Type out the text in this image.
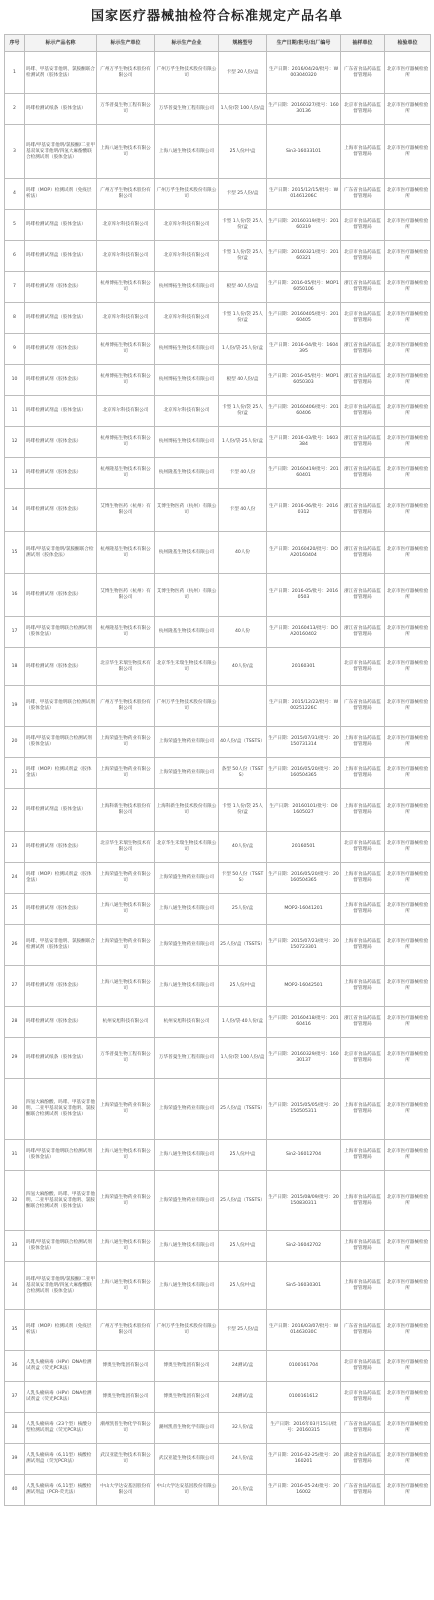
国家医疗器械抽检符合标准规定产品名单
序号	标示产品名称	标示生产单位	标示生产企业	规格型号	生产日期/批号/出厂编号	抽样单位	检验单位
1	吗啡、甲基安非他明、氯胺酮联合检测试剂（胶体金法）	广州万孚生物技术股份有限公司	广州万孚生物技术股份有限公司	卡型 20人份/盒	生产日期：2016/04/20/批号：W003040320	广东省食品药品监督管理局	北京市医疗器械检验所
2	吗啡检测试纸条（胶体金法）	万华普曼生物工程有限公司	万华普曼生物工程有限公司	1人份/袋 100人份/盒	生产日期：20160327/批号：16030136	北京市食品药品监督管理局	北京市医疗器械检验所
3	吗啡/甲基安非他明/氯胺酮/二亚甲基双氧安非他明/四氢大麻酚酸联合检测试剂（胶体金法）	上海八通生物技术有限公司	上海八通生物技术有限公司	25人份/中盒	Sin3-16033101	上海市食品药品监督管理局	北京市医疗器械检验所
4	吗啡（MOP）检测试剂（免疫层析法）	广州万孚生物技术股份有限公司	广州万孚生物技术股份有限公司	卡型 25人份/盒	生产日期：2015/12/15/批号：W01461206C	广东省食品药品监督管理局	北京市医疗器械检验所
5	吗啡检测试剂盒（胶体金法）	北京库尔科技有限公司	北京库尔科技有限公司	卡型 1人份/袋 25人份/盒	生产日期：20160319/批号：20160319	北京市食品药品监督管理局	北京市医疗器械检验所
6	吗啡检测试剂盒（胶体金法）	北京库尔科技有限公司	北京库尔科技有限公司	卡型 1人份/袋 25人份/盒	生产日期：20160321/批号：20160321	北京市食品药品监督管理局	北京市医疗器械检验所
7	吗啡检测试剂（胶体金法）	杭州博拓生物技术有限公司	杭州博拓生物技术有限公司	板型 40人份/盒	生产日期：2016-05/批号：MOP16050106	浙江省食品药品监督管理局	北京市医疗器械检验所
8	吗啡检测试剂盒（胶体金法）	北京库尔科技有限公司	北京库尔科技有限公司	卡型 1人份/袋 25人份/盒	生产日期：20160405/批号：20160405	北京市食品药品监督管理局	北京市医疗器械检验所
9	吗啡检测试剂（胶体金法）	杭州博拓生物技术有限公司	杭州博拓生物技术有限公司	1人份/袋·25人份/盒	生产日期：2016-04/批号：1604395	浙江省食品药品监督管理局	北京市医疗器械检验所
10	吗啡检测试剂（胶体金法）	杭州博拓生物技术有限公司	杭州博拓生物技术有限公司	板型 40人份/盒	生产日期：2016-05/批号：MOP16050303	浙江省食品药品监督管理局	北京市医疗器械检验所
11	吗啡检测试剂盒（胶体金法）	北京库尔科技有限公司	北京库尔科技有限公司	卡型 1人份/袋 25人份/盒	生产日期：20160406/批号：20160406	北京市食品药品监督管理局	北京市医疗器械检验所
12	吗啡检测试剂（胶体金法）	杭州博拓生物技术有限公司	杭州博拓生物技术有限公司	1人份/袋·25人份/盒	生产日期：2016-03/批号：1603384	浙江省食品药品监督管理局	北京市医疗器械检验所
13	吗啡检测试剂（胶体金法）	杭州隆基生物技术有限公司	杭州隆基生物技术有限公司	卡型 40人份	生产日期：20160419/批号：20160401	浙江省食品药品监督管理局	北京市医疗器械检验所
14	吗啡检测试剂（胶体金法）	艾博生物医药（杭州）有限公司	艾博生物医药（杭州）有限公司	卡型 40人份	生产日期：2016-06/批号：20160312	浙江省食品药品监督管理局	北京市医疗器械检验所
15	吗啡/甲基安非他明/氯胺酮联合检测试剂（胶体金法）	杭州隆基生物技术有限公司	杭州隆基生物技术有限公司	40人份	生产日期：20160420/批号：DOA20160404	浙江省食品药品监督管理局	北京市医疗器械检验所
16	吗啡检测试剂（胶体金法）	艾博生物医药（杭州）有限公司	艾博生物医药（杭州）有限公司		生产日期：2016-05/批号：20160503	浙江省食品药品监督管理局	北京市医疗器械检验所
17	吗啡/甲基安非他明联合检测试剂（胶体金法）	杭州隆基生物技术有限公司	杭州隆基生物技术有限公司	40人份	生产日期：20160413/批号：DOA20160402	浙江省食品药品监督管理局	北京市医疗器械检验所
18	吗啡检测试剂（胶体金法）	北京华生禾瑞生物技术有限公司	北京华生禾瑞生物技术有限公司	40人份/盒	20160301	北京市食品药品监督管理局	北京市医疗器械检验所
19	吗啡、甲基安非他明联合检测试剂（胶体金法）	广州万孚生物技术股份有限公司	广州万孚生物技术股份有限公司		生产日期：2015/12/22/批号：W00251226C	广东省食品药品监督管理局	北京市医疗器械检验所
20	吗啡/甲基安非他明联合检测试剂（胶体金法）	上海荣盛生物药业有限公司	上海荣盛生物药业有限公司	40人份/盒（TSSTS）	生产日期：2015/07/31/批号：20150731314	上海市食品药品监督管理局	北京市医疗器械检验所
21	吗啡（MOP）检测试剂盒（胶体金法）	上海荣盛生物药业有限公司	上海荣盛生物药业有限公司	条型 50人份（TSSTS）	生产日期：2016/05/20/批号：20160504365	上海市食品药品监督管理局	北京市医疗器械检验所
22	吗啡检测试剂盒（胶体金法）	上海科新生物技术股份有限公司	上海科新生物技术股份有限公司	卡型 1人份/袋 25人份/盒	生产日期：20160101/批号：D01605027	上海市食品药品监督管理局	北京市医疗器械检验所
23	吗啡检测试剂（胶体金法）	北京华生禾瑞生物技术有限公司	北京华生禾瑞生物技术有限公司	40人份/盒	20160501	北京市食品药品监督管理局	北京市医疗器械检验所
24	吗啡（MOP）检测试剂盒（胶体金法）	上海荣盛生物药业有限公司	上海荣盛生物药业有限公司	卡型 50人份（TSSTS）	生产日期：2016/05/20/批号：20160504365	上海市食品药品监督管理局	北京市医疗器械检验所
25	吗啡检测试剂（胶体金法）	上海八通生物技术有限公司	上海八通生物技术有限公司	25人份/盒	MOP2-16041201	上海市食品药品监督管理局	北京市医疗器械检验所
26	吗啡、甲基安非他明、氯胺酮联合检测试剂（胶体金法）	上海荣盛生物药业有限公司	上海荣盛生物药业有限公司	25人份/盒（TSSTS）	生产日期：2015/07/23/批号：20150723301	上海市食品药品监督管理局	北京市医疗器械检验所
27	吗啡检测试剂（胶体金法）	上海八通生物技术有限公司	上海八通生物技术有限公司	25人份/中盒	MOP2-16042501	上海市食品药品监督管理局	北京市医疗器械检验所
28	吗啡检测试剂（胶体金法）	杭州安旭科技有限公司	杭州安旭科技有限公司	1人份/袋·40人份/盒	生产日期：20160418/批号：20160416	浙江省食品药品监督管理局	北京市医疗器械检验所
29	吗啡检测试纸条（胶体金法）	万华普曼生物工程有限公司	万华普曼生物工程有限公司	1人份/袋 100人份/盒	生产日期：20160329/批号：16030137	北京市食品药品监督管理局	北京市医疗器械检验所
30	四氢大麻酚酸、吗啡、甲基安非他明、二亚甲基双氧安非他明、氯胺酮联合检测试剂（胶体金法）	上海荣盛生物药业有限公司	上海荣盛生物药业有限公司	25人份/盒（TSSTS）	生产日期：2015/05/05/批号：20150505311	上海市食品药品监督管理局	北京市医疗器械检验所
31	吗啡/甲基安非他明联合检测试剂（胶体金法）	上海八通生物技术有限公司	上海八通生物技术有限公司	25人份/中盒	Sin2-16012704	上海市食品药品监督管理局	北京市医疗器械检验所
32	四氢大麻酚酸、吗啡、甲基安非他明、二亚甲基双氧安非他明、氯胺酮联合检测试剂（胶体金法）	上海荣盛生物药业有限公司	上海荣盛生物药业有限公司	25人份/盒（TSSTS）	生产日期：2015/08/09/批号：20150830311	上海市食品药品监督管理局	北京市医疗器械检验所
33	吗啡/甲基安非他明联合检测试剂（胶体金法）	上海八通生物技术有限公司	上海八通生物技术有限公司	25人份/中盒	Sin2-16042702	上海市食品药品监督管理局	北京市医疗器械检验所
34	吗啡/甲基安非他明/氯胺酮/二亚甲基双氧安非他明/四氢大麻酚酸联合检测试剂（胶体金法）	上海八通生物技术有限公司	上海八通生物技术有限公司	25人份/中盒	Sin5-16030301	上海市食品药品监督管理局	北京市医疗器械检验所
35	吗啡（MOP）检测试剂（免疫层析法）	广州万孚生物技术股份有限公司	广州万孚生物技术股份有限公司	卡型 25人份/盒	生产日期：2016/03/07/批号：W01463030C	广东省食品药品监督管理局	北京市医疗器械检验所
36	人乳头瘤病毒（HPV）DNA检测试剂盒（荧光PCR法）	博奥生物集团有限公司	博奥生物集团有限公司	24测试/盒	0100161704	北京市食品药品监督管理局	北京市医疗器械检验所
37	人乳头瘤病毒（HPV）DNA检测试剂盒（荧光PCR法）	博奥生物集团有限公司	博奥生物集团有限公司	24测试/盒	0100161612	北京市食品药品监督管理局	北京市医疗器械检验所
38	人乳头瘤病毒（23个型）核酸分型检测试剂盒（荧光PCR法）	潮州凯普生物化学有限公司	潮州凯普生物化学有限公司	32人份/盒	生产日期：2016年03月15日/批号：20160315	广东省食品药品监督管理局	北京市医疗器械检验所
39	人乳头瘤病毒（6,11型）核酸检测试剂盒（荧光PCR法）	武汉亚能生物技术有限公司	武汉亚能生物技术有限公司	24人份/盒	生产日期：2016-02-25/批号：20160201	湖北省食品药品监督管理局	北京市医疗器械检验所
40	人乳头瘤病毒（6,11型）核酸检测试剂盒（PCR-荧光法）	中山大学达安基因股份有限公司	中山大学达安基因股份有限公司	20人份/盒	生产日期：2016-05-24/批号：2016002	广东省食品药品监督管理局	北京市医疗器械检验所
